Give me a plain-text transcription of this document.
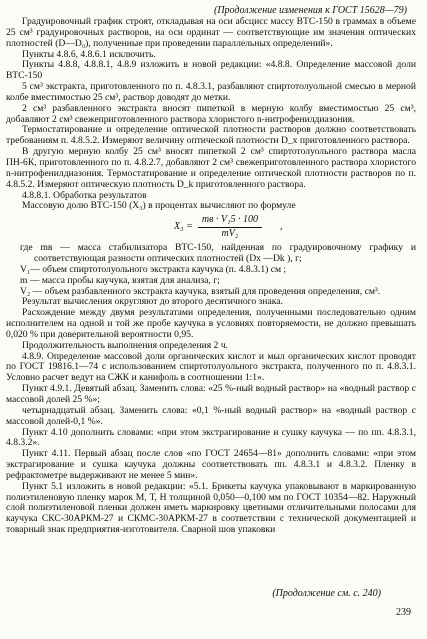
(Продолжение изменения к ГОСТ 15628—79)

Градуировочный график строят, откладывая на оси абсцисс массу ВТС-150 в граммах в объеме 25 см³ градуировочных растворов, на оси ординат — соответствующие им значения оптических плотностей (D—D₀), полученные при проведении параллельных определений».

Пункты 4.8.6, 4.8.6.1 исключить.

Пункты 4.8.8, 4.8.8.1, 4.8.9 изложить в новой редакции: «4.8.8. Определение массовой доли ВТС-150

5 см³ экстракта, приготовленного по п. 4.8.3.1, разбавляют спиртотолуольной смесью в мерной колбе вместимостью 25 см³, раствор доводят до метки.

2 см³ разбавленного экстракта вносят пипеткой в мерную колбу вместимостью 25 см³, добавляют 2 см³ свежеприготовленного раствора хлористого n-нитрофенилдиазония.

Термостатирование и определение оптической плотности растворов должно соответствовать требованиям п. 4.8.5.2. Измеряют величину оптической плотности D_x приготовленного раствора.

В другую мерную колбу 25 см³ вносят пипеткой 2 см³ спиртотолуольного раствора масла ПН-6К, приготовленного по п. 4.8.2.7, добавляют 2 см³ свежеприготовленного раствора хлористого n-нитрофенилдиазония. Термостатирование и определение оптической плотности растворов по п. 4.8.5.2. Измеряют оптическую плотность D_k приготовленного раствора.

4.8.8.1. Обработка результатов

Массовую долю ВТС-150 (X₃) в процентах вычисляют по формуле

$X_3 = \frac{\text{mв · V₁5 · 100}}{\text{mV₂}}$ ,

где mв — масса стабилизатора ВТС-150, найденная по градуировочному графику и соответствующая разности оптических плотностей (Dx —Dk ), г;

V₁— объем спиртотолуольного экстракта каучука (п. 4.8.3.1) см ;

m — масса пробы каучука, взятая для анализа, г;

V₂ — объем разбавленного экстракта каучука, взятый для проведения определения, см³.

Результат вычисления округляют до второго десятичного знака.

Расхождение между двумя результатами определения, полученными последовательно одним исполнителем на одной и той же пробе каучука в условиях повторяемости, не должно превышать 0,020 % при доверительной вероятности 0,95.

Продолжительность выполнения определения 2 ч.

4.8.9. Определение массовой доли органических кислот и мыл органических кислот проводят по ГОСТ 19816.1—74 с использованием спиртотолуольного экстракта, полученного по п. 4.8.3.1. Условно расчет ведут на СЖК и канифоль в соотношении 1:1».

Пункт 4.9.1. Девятый абзац. Заменить слова: «25 %-ный водный раствор» на «водный раствор с массовой долей 25 %»;

четырнадцатый абзац. Заменить слова: «0,1 %-ный водный раствор» на «водный раствор с массовой долей-0,1 %».

Пункт 4.10 дополнить словами: «при этом экстрагирование и сушку каучука — по пп. 4.8.3.1, 4.8.3.2».

Пункт 4.11. Первый абзац после слов «по ГОСТ 24654—81» дополнить словами: «при этом экстрагирование и сушка каучука должны соответствовать пп. 4.8.3.1 и 4.8.3.2. Пленку в рефрактометре выдерживают не менее 5 мин».

Пункт 5.1 изложить в новой редакции: «5.1. Брикеты каучука упаковывают в маркированную полиэтиленовую пленку марок М, Т, Н толщиной 0,050—0,100 мм по ГОСТ 10354—82. Наружный слой полиэтиленовой пленки должен иметь маркировку цветными отличительными полосами для каучука СКС-30АРКМ-27 и СКМС-30АРКМ-27 в соответствии с технической документацией и товарный знак предприятия-изготовителя. Сварной шов упаковки

(Продолжение см. с. 240)
239
